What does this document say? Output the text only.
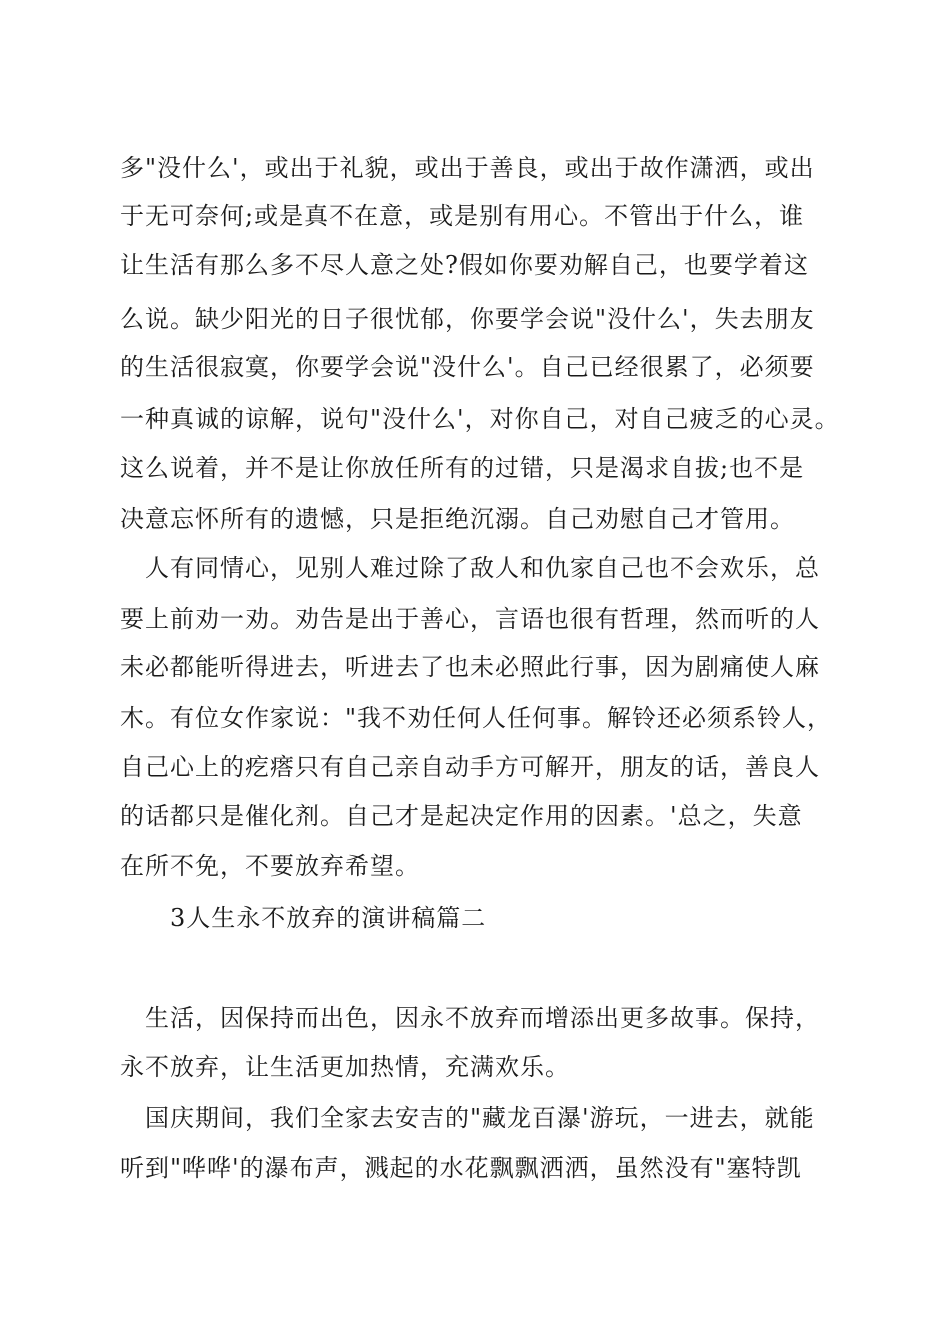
多"没什么'，或出于礼貌，或出于善良，或出于故作潇洒，或出
于无可奈何;或是真不在意，或是别有用心。不管出于什么，谁
让生活有那么多不尽人意之处?假如你要劝解自己，也要学着这
么说。缺少阳光的日子很忧郁，你要学会说"没什么'，失去朋友
的生活很寂寞，你要学会说"没什么'。自己已经很累了，必须要
一种真诚的谅解，说句"没什么'，对你自己，对自己疲乏的心灵。
这么说着，并不是让你放任所有的过错，只是渴求自拔;也不是
决意忘怀所有的遗憾，只是拒绝沉溺。自己劝慰自己才管用。
人有同情心，见别人难过除了敌人和仇家自己也不会欢乐，总
要上前劝一劝。劝告是出于善心，言语也很有哲理，然而听的人
未必都能听得进去，听进去了也未必照此行事，因为剧痛使人麻
木。有位女作家说："我不劝任何人任何事。解铃还必须系铃人，
自己心上的疙瘩只有自己亲自动手方可解开，朋友的话，善良人
的话都只是催化剂。自己才是起决定作用的因素。'总之，失意
在所不免，不要放弃希望。
3人生永不放弃的演讲稿篇二
生活，因保持而出色，因永不放弃而增添出更多故事。保持，
永不放弃，让生活更加热情，充满欢乐。
国庆期间，我们全家去安吉的"藏龙百瀑'游玩，一进去，就能
听到"哗哗'的瀑布声，溅起的水花飘飘洒洒，虽然没有"塞特凯
